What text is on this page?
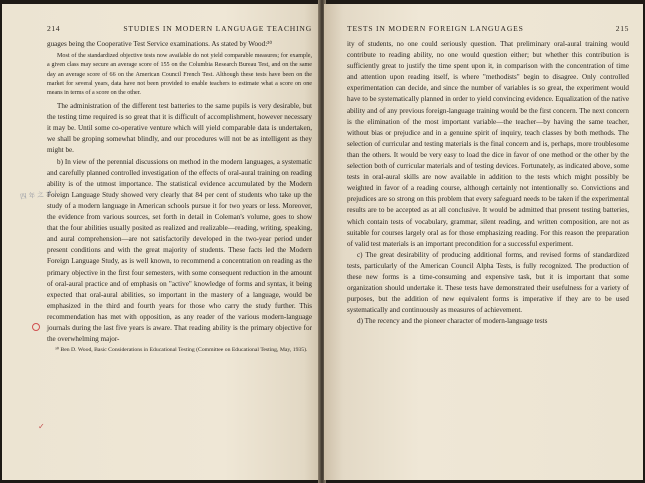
214	STUDIES IN MODERN LANGUAGE TEACHING

guages being the Cooperative Test Service examinations. As stated by Wood:³⁰

Most of the standardized objective tests now available do not yield comparable measures; for example, a given class may secure an average score of 155 on the Columbia Research Bureau Test, and on the same day an average score of 66 on the American Council French Test. Although these tests have been on the market for several years, data have not been provided to enable teachers to estimate what a score on one means in terms of a score on the other.

The administration of the different test batteries to the same pupils is very desirable, but the testing time required is so great that it is difficult of accomplishment, however necessary it may be. Until some co-operative venture which will yield comparable data is undertaken, we shall be groping somewhat blindly, and our procedures will not be as intelligent as they might be.

b) In view of the perennial discussions on method in the modern languages, a systematic and carefully planned controlled investigation of the effects of oral-aural training on reading ability is of the utmost importance. The statistical evidence accumulated by the Modern Foreign Language Study showed very clearly that 84 per cent of students who take up the study of a modern language in American schools pursue it for two years or less. Moreover, the evidence from various sources, set forth in detail in Coleman's volume, goes to show that the four abilities usually posited as realized and realizable—reading, writing, speaking, and aural comprehension—are not satisfactorily developed in the two-year period under present conditions and with the great majority of students. These facts led the Modern Foreign Language Study, as is well known, to recommend a concentration on reading as the primary objective in the first four semesters, with some consequent reduction in the amount of oral-aural practice and of emphasis on "active" knowledge of forms and syntax, it being expected that oral-aural abilities, so important in the mastery of a language, would be emphasized in the third and fourth years for those who carry the study further. This recommendation has met with opposition, as any reader of the various modern-language journals during the last five years is aware. That reading ability is the primary objective for the overwhelming major-

³⁰ Ben D. Wood, Basic Considerations in Educational Testing (Committee on Educational Testing, May, 1935).

四 年 之 才 /
✓
TESTS IN MODERN FOREIGN LANGUAGES	215

ity of students, no one could seriously question. That preliminary oral-aural training would contribute to reading ability, no one would question either; but whether this contribution is sufficiently great to justify the time spent upon it, in comparison with the concentration of time and attention upon reading itself, is where "methodists" begin to disagree. Only controlled experimentation can decide, and since the number of variables is so great, the experiment would have to be systematically planned in order to yield convincing evidence. Equalization of the native ability and of any previous foreign-language training would be the first concern. The next concern is the elimination of the most important variable—the teacher—by having the same teacher, without bias or prejudice and in a genuine spirit of inquiry, teach classes by both methods. The selection of curricular and testing materials is the final concern and is, perhaps, more troublesome than the others. It would be very easy to load the dice in favor of one method or the other by the selection both of curricular materials and of testing devices. Fortunately, as indicated above, some tests in oral-aural skills are now available in addition to the tests which might possibly be weighted in favor of a reading course, although certainly not intentionally so. Convictions and prejudices are so strong on this problem that every safeguard needs to be taken if the experimental results are to be accepted as at all conclusive. It would be admitted that present testing batteries, which contain tests of vocabulary, grammar, silent reading, and written composition, are not as suitable for courses largely oral as for those emphasizing reading. For this reason the preparation of valid test materials is an important precondition for a successful experiment.

c) The great desirability of producing additional forms, and revised forms of standardized tests, particularly of the American Council Alpha Tests, is fully recognized. The production of these new forms is a time-consuming and expensive task, but it is important that some organization should undertake it. These tests have demonstrated their usefulness for a variety of purposes, but the addition of new equivalent forms is imperative if they are to be used systematically and continuously as measures of achievement.

d) The recency and the pioneer character of modern-language tests
